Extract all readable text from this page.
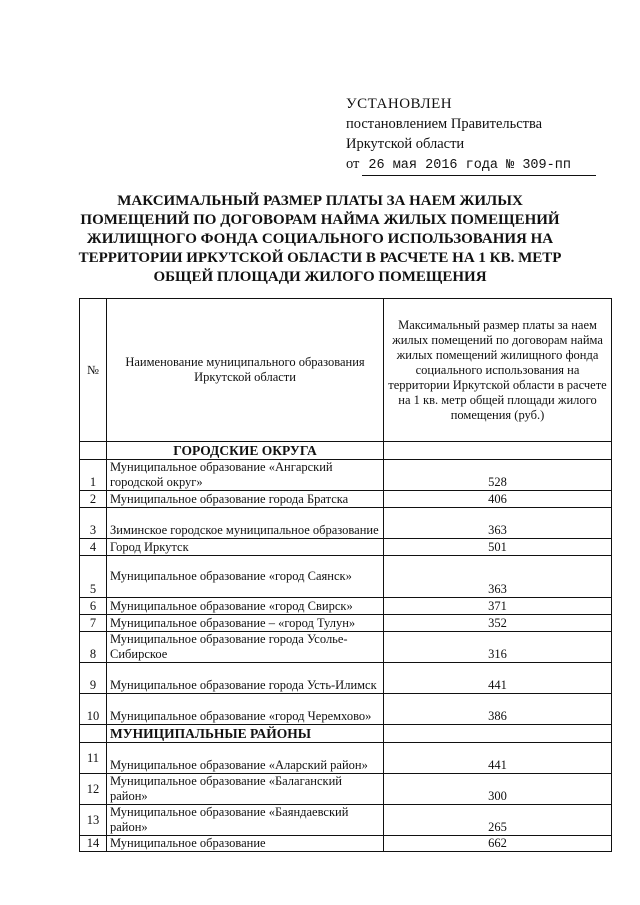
УСТАНОВЛЕН
постановлением Правительства
Иркутской области
от 26 мая 2016 года № 309-пп
МАКСИМАЛЬНЫЙ РАЗМЕР ПЛАТЫ ЗА НАЕМ ЖИЛЫХ
ПОМЕЩЕНИЙ ПО ДОГОВОРАМ НАЙМА ЖИЛЫХ ПОМЕЩЕНИЙ
ЖИЛИЩНОГО ФОНДА СОЦИАЛЬНОГО ИСПОЛЬЗОВАНИЯ НА
ТЕРРИТОРИИ ИРКУТСКОЙ ОБЛАСТИ В РАСЧЕТЕ НА 1 КВ. МЕТР
ОБЩЕЙ ПЛОЩАДИ ЖИЛОГО ПОМЕЩЕНИЯ
№	Наименование муниципального образования Иркутской области	Максимальный размер платы за наем жилых помещений по договорам найма жилых помещений жилищного фонда социального использования на территории Иркутской области в расчете на 1 кв. метр общей площади жилого помещения (руб.)
	ГОРОДСКИЕ ОКРУГА	
1	Муниципальное образование «Ангарский городской округ»	528
2	Муниципальное образование города Братска	406
3	Зиминское городское муниципальное образование	363
4	Город Иркутск	501
5	Муниципальное образование «город Саянск»	363
6	Муниципальное образование «город Свирск»	371
7	Муниципальное образование – «город Тулун»	352
8	Муниципальное образование города Усолье-Сибирское	316
9	Муниципальное образование города Усть-Илимск	441
10	Муниципальное образование «город Черемхово»	386
	МУНИЦИПАЛЬНЫЕ РАЙОНЫ	
11	Муниципальное образование «Аларский район»	441
12	Муниципальное образование «Балаганский район»	300
13	Муниципальное образование «Баяндаевский район»	265
14	Муниципальное образование	662
